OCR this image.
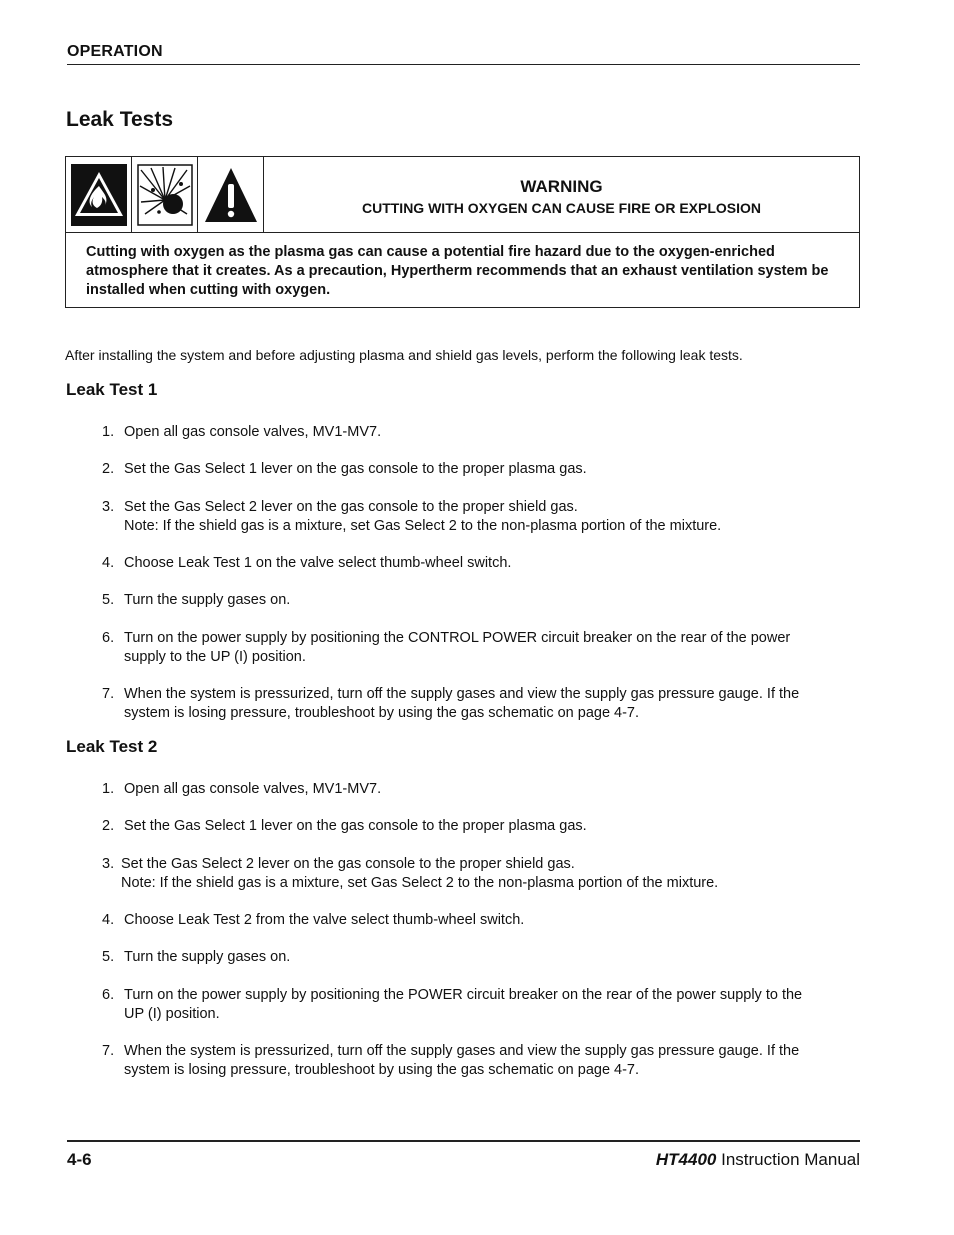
OPERATION
Leak Tests
WARNING
CUTTING WITH OXYGEN CAN CAUSE FIRE OR EXPLOSION
Cutting with oxygen as the plasma gas can cause a potential fire hazard due to the oxygen-enriched atmosphere that it creates. As a precaution, Hypertherm recommends that an exhaust ventilation system be installed when cutting with oxygen.
After installing the system and before adjusting plasma and shield gas levels, perform the following leak tests.
Leak Test 1
1. Open all gas console valves, MV1-MV7.
2. Set the Gas Select 1 lever on the gas console to the proper plasma gas.
3. Set the Gas Select 2 lever on the gas console to the proper shield gas.
Note: If the shield gas is a mixture, set Gas Select 2 to the non-plasma portion of the mixture.
4. Choose Leak Test 1 on the valve select thumb-wheel switch.
5. Turn the supply gases on.
6. Turn on the power supply by positioning the CONTROL POWER circuit breaker on the rear of the power
supply to the UP (I) position.
7. When the system is pressurized, turn off the supply gases and view the supply gas pressure gauge. If the
system is losing pressure, troubleshoot by using the gas schematic on page 4-7.
Leak Test 2
1. Open all gas console valves, MV1-MV7.
2. Set the Gas Select 1 lever on the gas console to the proper plasma gas.
3. Set the Gas Select 2 lever on the gas console to the proper shield gas.
Note: If the shield gas is a mixture, set Gas Select 2 to the non-plasma portion of the mixture.
4. Choose Leak Test 2 from the valve select thumb-wheel switch.
5. Turn the supply gases on.
6. Turn on the power supply by positioning the POWER circuit breaker on the rear of the power supply to the
UP (I) position.
7. When the system is pressurized, turn off the supply gases and view the supply gas pressure gauge. If the
system is losing pressure, troubleshoot by using the gas schematic on page 4-7.
4-6	HT4400 Instruction Manual
